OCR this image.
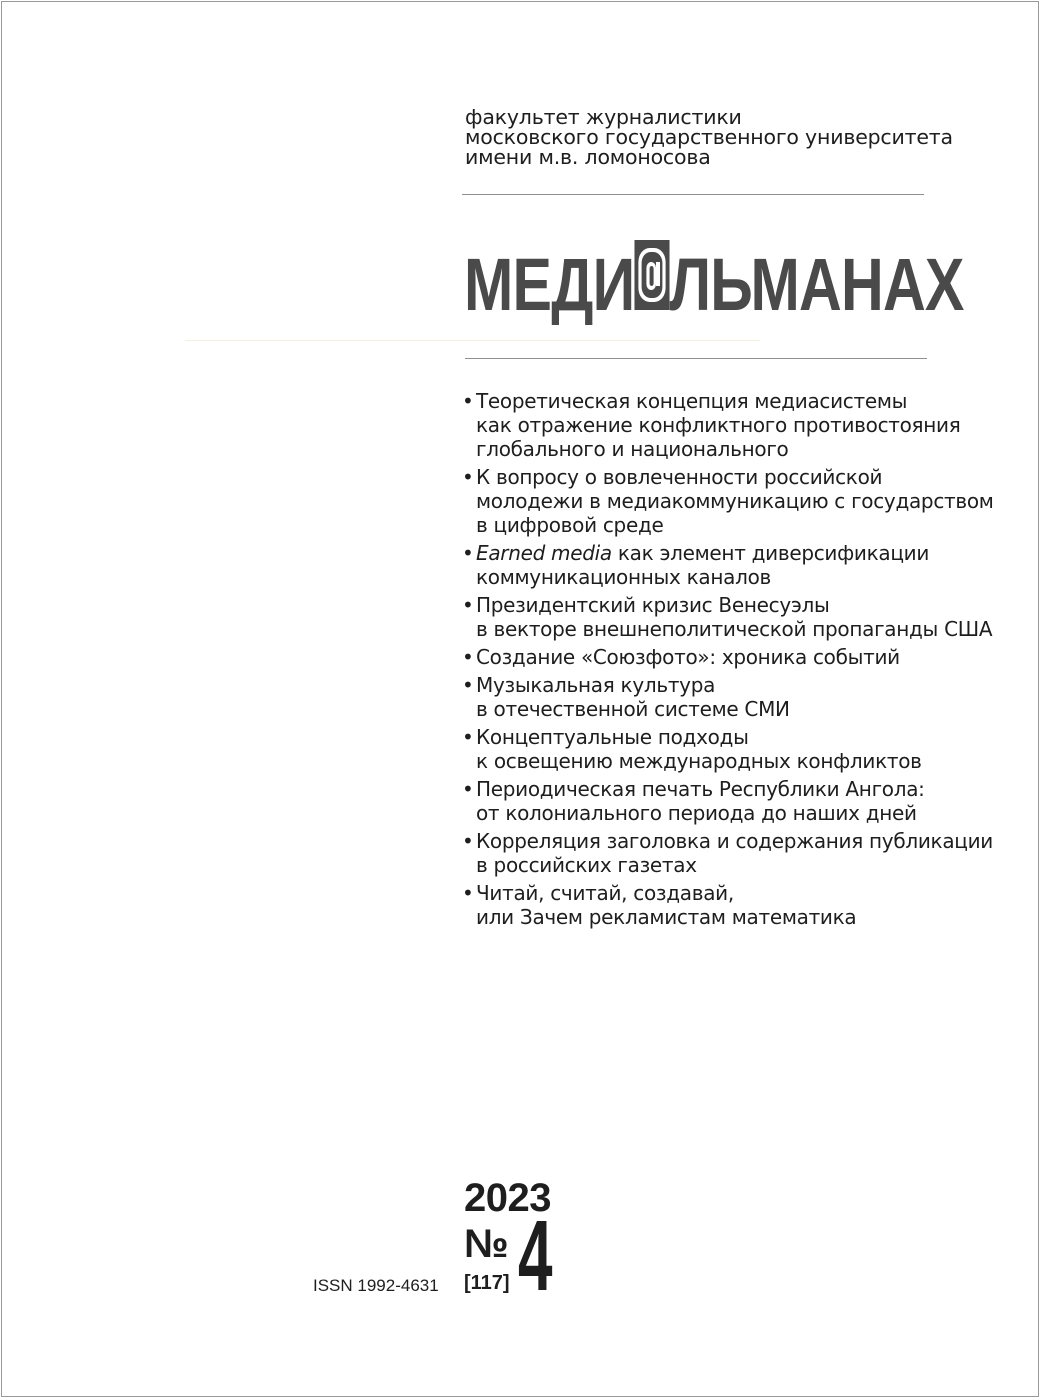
факультет журналистики
московского государственного университета
имени м.в. ломоносова
МЕДИ ЛЬМАНАХ
• Теоретическая концепция медиасистемы
как отражение конфликтного противостояния
глобального и национального
• К вопросу о вовлеченности российской
молодежи в медиакоммуникацию с государством
в цифровой среде
• Earned media как элемент диверсификации
коммуникационных каналов
• Президентский кризис Венесуэлы
в векторе внешнеполитической пропаганды США
• Создание «Союзфото»: хроника событий
• Музыкальная культура
в отечественной системе СМИ
• Концептуальные подходы
к освещению международных конфликтов
• Периодическая печать Республики Ангола:
от колониального периода до наших дней
• Корреляция заголовка и содержания публикации
в российских газетах
• Читай, считай, создавай,
или Зачем рекламистам математика
2023
№ 4
[117]
ISSN 1992-4631
